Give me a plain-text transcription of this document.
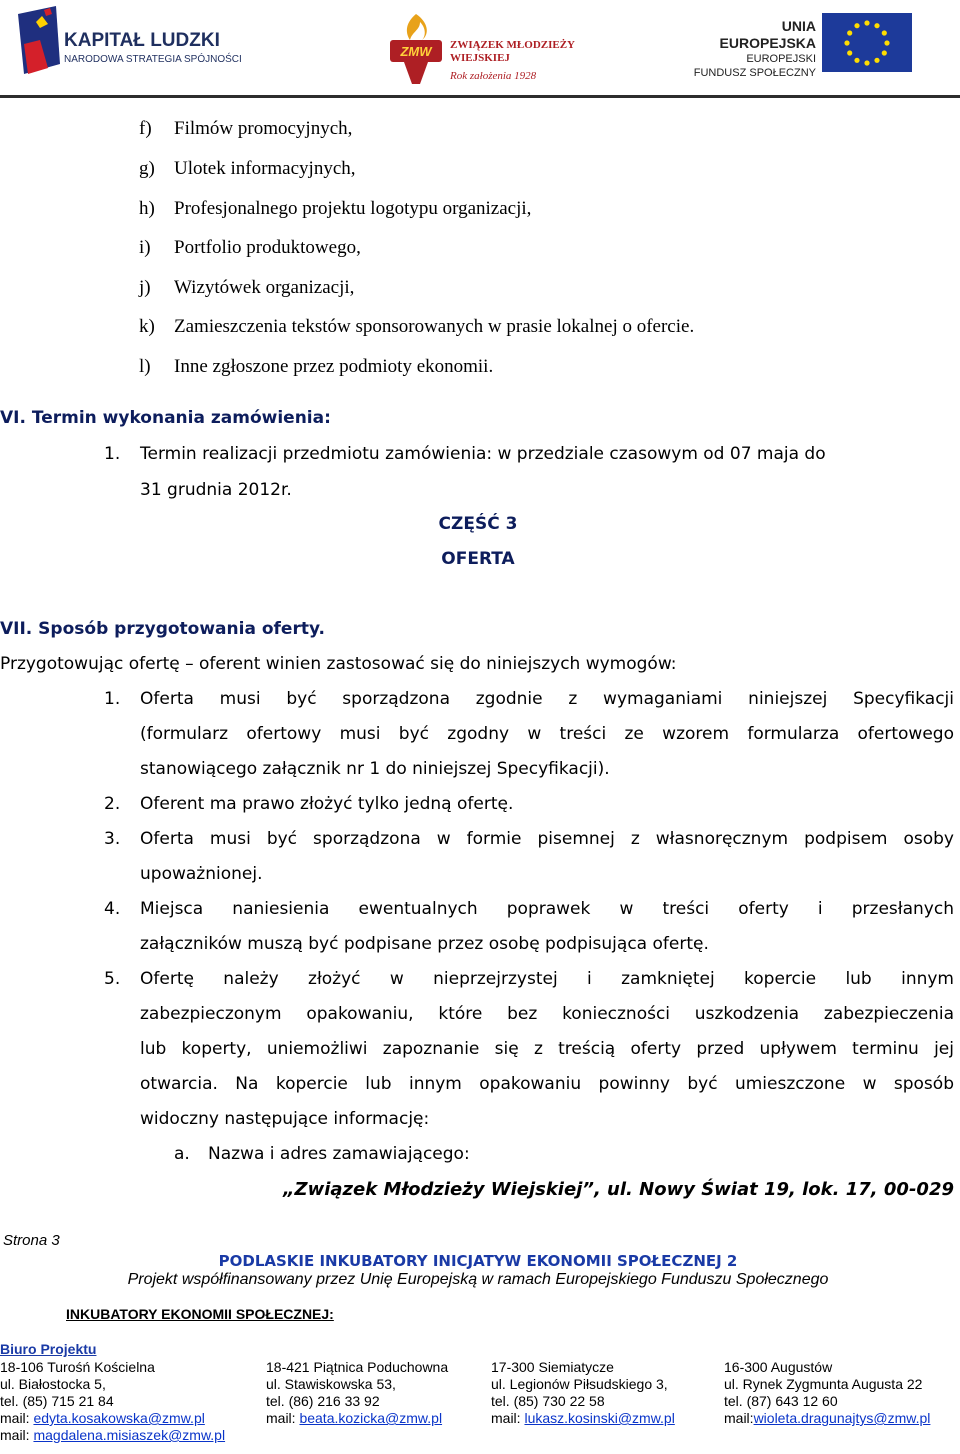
KAPITAŁ LUDZKI
NARODOWA STRATEGIA SPÓJNOŚCI
ZMW ZWIĄZEK MŁODZIEŻY
WIEJSKIEJ
Rok założenia 1928
UNIA EUROPEJSKA
EUROPEJSKI
FUNDUSZ SPOŁECZNY
f) Filmów promocyjnych,
g) Ulotek informacyjnych,
h) Profesjonalnego projektu logotypu organizacji,
i) Portfolio produktowego,
j) Wizytówek organizacji,
k) Zamieszczenia tekstów sponsorowanych w prasie lokalnej o ofercie.
l) Inne zgłoszone przez podmioty ekonomii.
VI. Termin wykonania zamówienia:
1. Termin realizacji przedmiotu zamówienia: w przedziale czasowym od 07 maja do
31 grudnia 2012r.
CZĘŚĆ 3
OFERTA
VII. Sposób przygotowania oferty.
Przygotowując ofertę – oferent winien zastosować się do niniejszych wymogów:
1. Oferta musi być sporządzona zgodnie z wymaganiami niniejszej Specyfikacji
(formularz ofertowy musi być zgodny w treści ze wzorem formularza ofertowego
stanowiącego załącznik nr 1 do niniejszej Specyfikacji).
2. Oferent ma prawo złożyć tylko jedną ofertę.
3. Oferta musi być sporządzona w formie pisemnej z własnoręcznym podpisem osoby
upoważnionej.
4. Miejsca naniesienia ewentualnych poprawek w treści oferty i przesłanych
załączników muszą być podpisane przez osobę podpisująca ofertę.
5. Ofertę należy złożyć w nieprzejrzystej i zamkniętej kopercie lub innym
zabezpieczonym opakowaniu, które bez konieczności uszkodzenia zabezpieczenia
lub koperty, uniemożliwi zapoznanie się z treścią oferty przed upływem terminu jej
otwarcia. Na kopercie lub innym opakowaniu powinny być umieszczone w sposób
widoczny następujące informację:
a. Nazwa i adres zamawiającego:
„Związek Młodzieży Wiejskiej”, ul. Nowy Świat 19, lok. 17, 00-029
Strona 3
PODLASKIE INKUBATORY INICJATYW EKONOMII SPOŁECZNEJ 2
Projekt współfinansowany przez Unię Europejską w ramach Europejskiego Funduszu Społecznego
INKUBATORY EKONOMII SPOŁECZNEJ:
Biuro Projektu
18-106 Turośń Kościelna
ul. Białostocka 5,
tel. (85) 715 21 84
mail: edyta.kosakowska@zmw.pl
mail: magdalena.misiaszek@zmw.pl
18-421 Piątnica Poduchowna
ul. Stawiskowska 53,
tel. (86) 216 33 92
mail: beata.kozicka@zmw.pl
17-300 Siemiatycze
ul. Legionów Piłsudskiego 3,
tel. (85) 730 22 58
mail: lukasz.kosinski@zmw.pl
16-300 Augustów
ul. Rynek Zygmunta Augusta 22
tel. (87) 643 12 60
mail:wioleta.dragunajtys@zmw.pl
